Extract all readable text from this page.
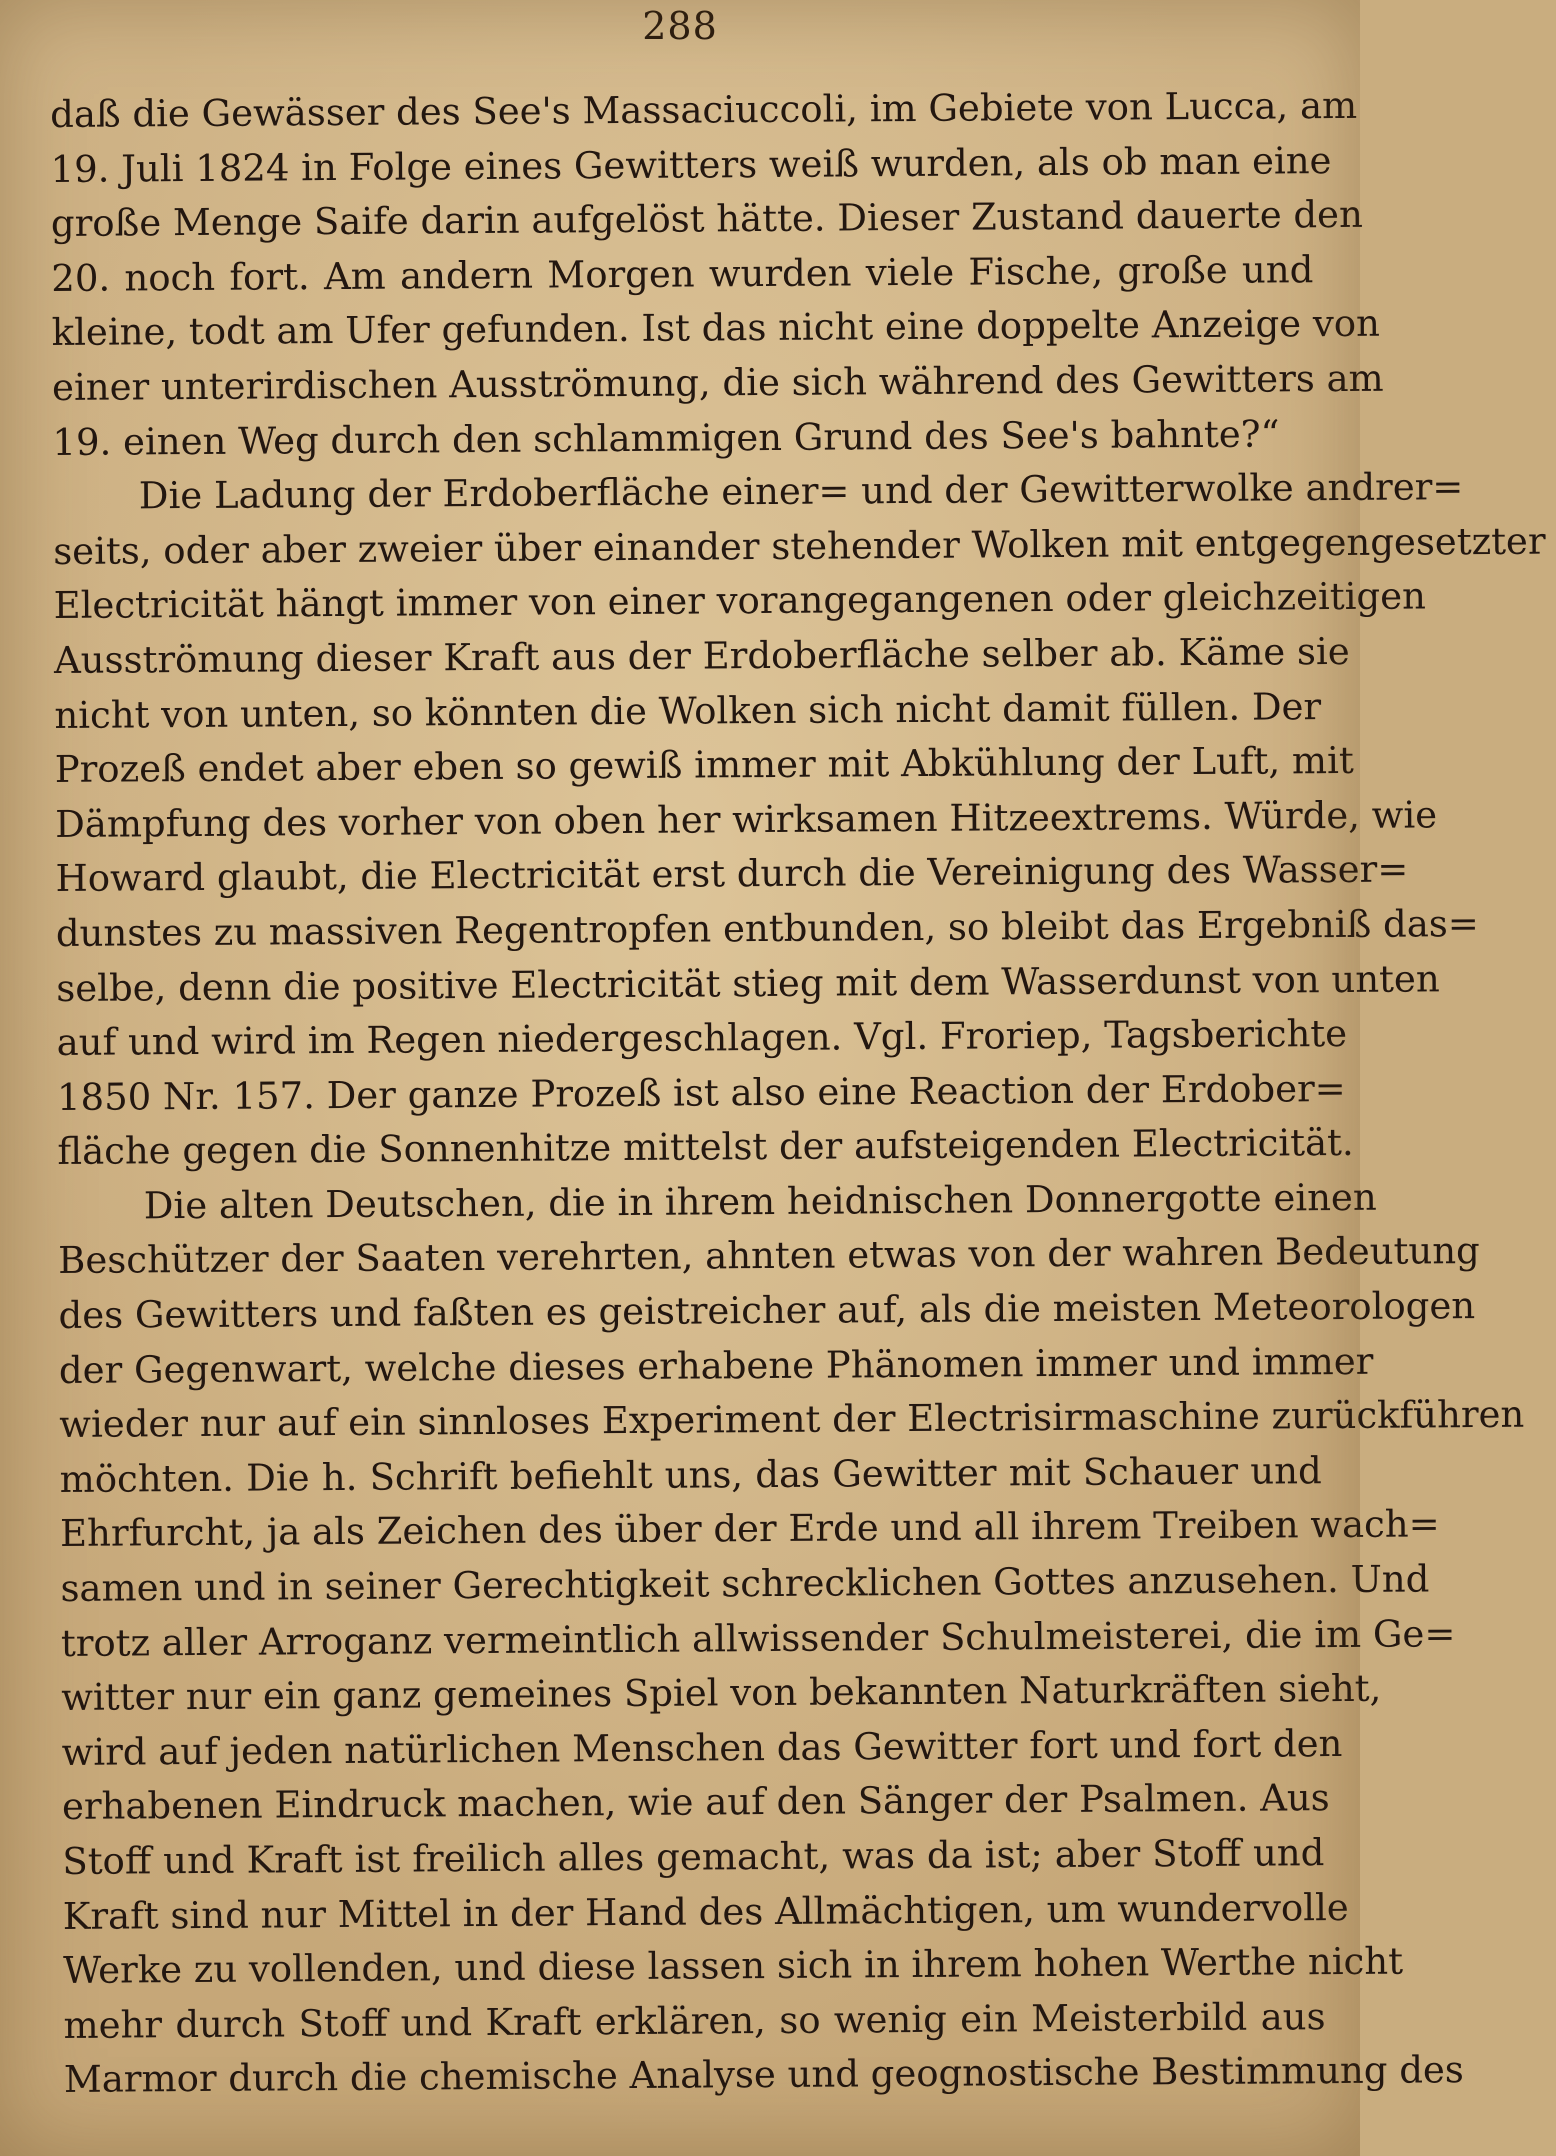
288
daß die Gewässer des See's Massaciuccoli, im Gebiete von Lucca, am
19. Juli 1824 in Folge eines Gewitters weiß wurden, als ob man eine
große Menge Saife darin aufgelöst hätte. Dieser Zustand dauerte den
20. noch fort. Am andern Morgen wurden viele Fische, große und
kleine, todt am Ufer gefunden. Ist das nicht eine doppelte Anzeige von
einer unterirdischen Ausströmung, die sich während des Gewitters am
19. einen Weg durch den schlammigen Grund des See's bahnte?“
Die Ladung der Erdoberfläche einer= und der Gewitterwolke andrer=
seits, oder aber zweier über einander stehender Wolken mit entgegengesetzter
Electricität hängt immer von einer vorangegangenen oder gleichzeitigen
Ausströmung dieser Kraft aus der Erdoberfläche selber ab. Käme sie
nicht von unten, so könnten die Wolken sich nicht damit füllen. Der
Prozeß endet aber eben so gewiß immer mit Abkühlung der Luft, mit
Dämpfung des vorher von oben her wirksamen Hitzeextrems. Würde, wie
Howard glaubt, die Electricität erst durch die Vereinigung des Wasser=
dunstes zu massiven Regentropfen entbunden, so bleibt das Ergebniß das=
selbe, denn die positive Electricität stieg mit dem Wasserdunst von unten
auf und wird im Regen niedergeschlagen. Vgl. Froriep, Tagsberichte
1850 Nr. 157. Der ganze Prozeß ist also eine Reaction der Erdober=
fläche gegen die Sonnenhitze mittelst der aufsteigenden Electricität.
Die alten Deutschen, die in ihrem heidnischen Donnergotte einen
Beschützer der Saaten verehrten, ahnten etwas von der wahren Bedeutung
des Gewitters und faßten es geistreicher auf, als die meisten Meteorologen
der Gegenwart, welche dieses erhabene Phänomen immer und immer
wieder nur auf ein sinnloses Experiment der Electrisirmaschine zurückführen
möchten. Die h. Schrift befiehlt uns, das Gewitter mit Schauer und
Ehrfurcht, ja als Zeichen des über der Erde und all ihrem Treiben wach=
samen und in seiner Gerechtigkeit schrecklichen Gottes anzusehen. Und
trotz aller Arroganz vermeintlich allwissender Schulmeisterei, die im Ge=
witter nur ein ganz gemeines Spiel von bekannten Naturkräften sieht,
wird auf jeden natürlichen Menschen das Gewitter fort und fort den
erhabenen Eindruck machen, wie auf den Sänger der Psalmen. Aus
Stoff und Kraft ist freilich alles gemacht, was da ist; aber Stoff und
Kraft sind nur Mittel in der Hand des Allmächtigen, um wundervolle
Werke zu vollenden, und diese lassen sich in ihrem hohen Werthe nicht
mehr durch Stoff und Kraft erklären, so wenig ein Meisterbild aus
Marmor durch die chemische Analyse und geognostische Bestimmung des
